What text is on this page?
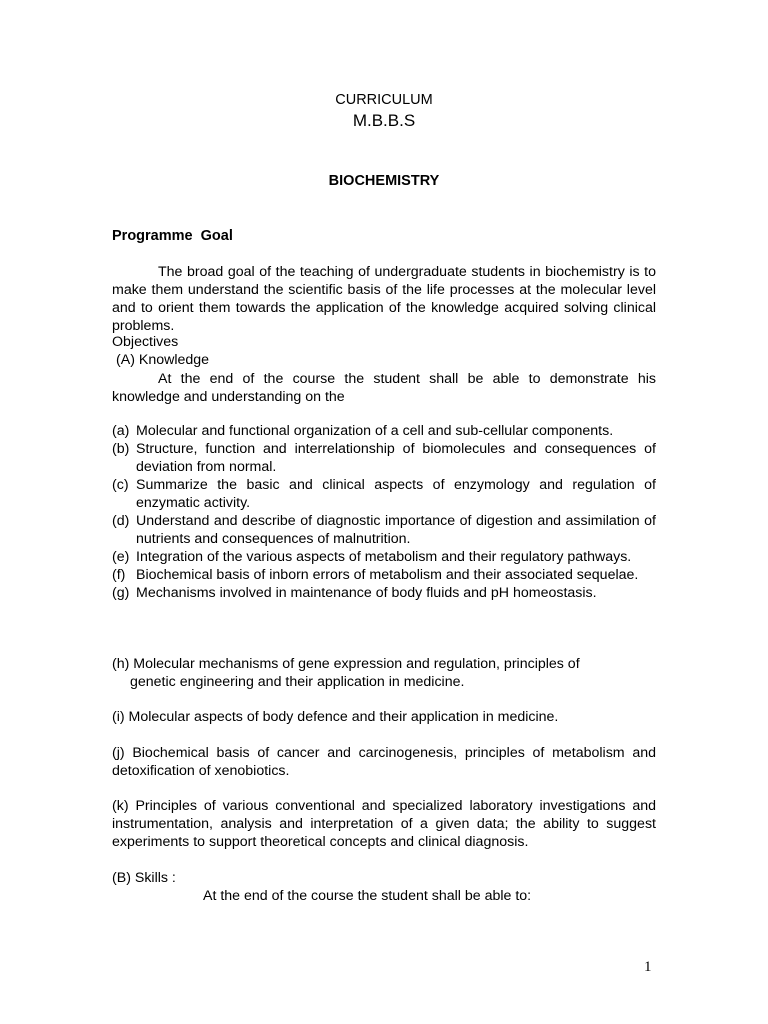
CURRICULUM
M.B.B.S
BIOCHEMISTRY
Programme  Goal
The broad goal of the teaching of undergraduate students in biochemistry is to make them understand the scientific basis of the life processes at the molecular level and to orient them towards the application of the knowledge acquired solving clinical problems.
Objectives
(A) Knowledge
At the end of the course the student shall be able to demonstrate his knowledge and understanding on the
(a) Molecular and functional organization of a cell and sub-cellular components.
(b) Structure, function and interrelationship of biomolecules and consequences of deviation from normal.
(c) Summarize the basic and clinical aspects of enzymology and regulation of enzymatic activity.
(d) Understand and describe of diagnostic importance of digestion and assimilation of nutrients and consequences of malnutrition.
(e) Integration of the various aspects of metabolism and their regulatory pathways.
(f) Biochemical basis of inborn errors of metabolism and their associated sequelae.
(g) Mechanisms involved in maintenance of body fluids and pH homeostasis.
(h) Molecular mechanisms of gene expression and regulation, principles of genetic engineering and their application in medicine.
(i) Molecular aspects of body defence and their application in medicine.
(j) Biochemical basis of cancer and carcinogenesis, principles of metabolism and detoxification of xenobiotics.
(k) Principles of various conventional and specialized laboratory investigations and instrumentation, analysis and interpretation of a given data; the ability to suggest experiments to support theoretical concepts and clinical diagnosis.
(B) Skills :
At the end of the course the student shall be able to:
1
